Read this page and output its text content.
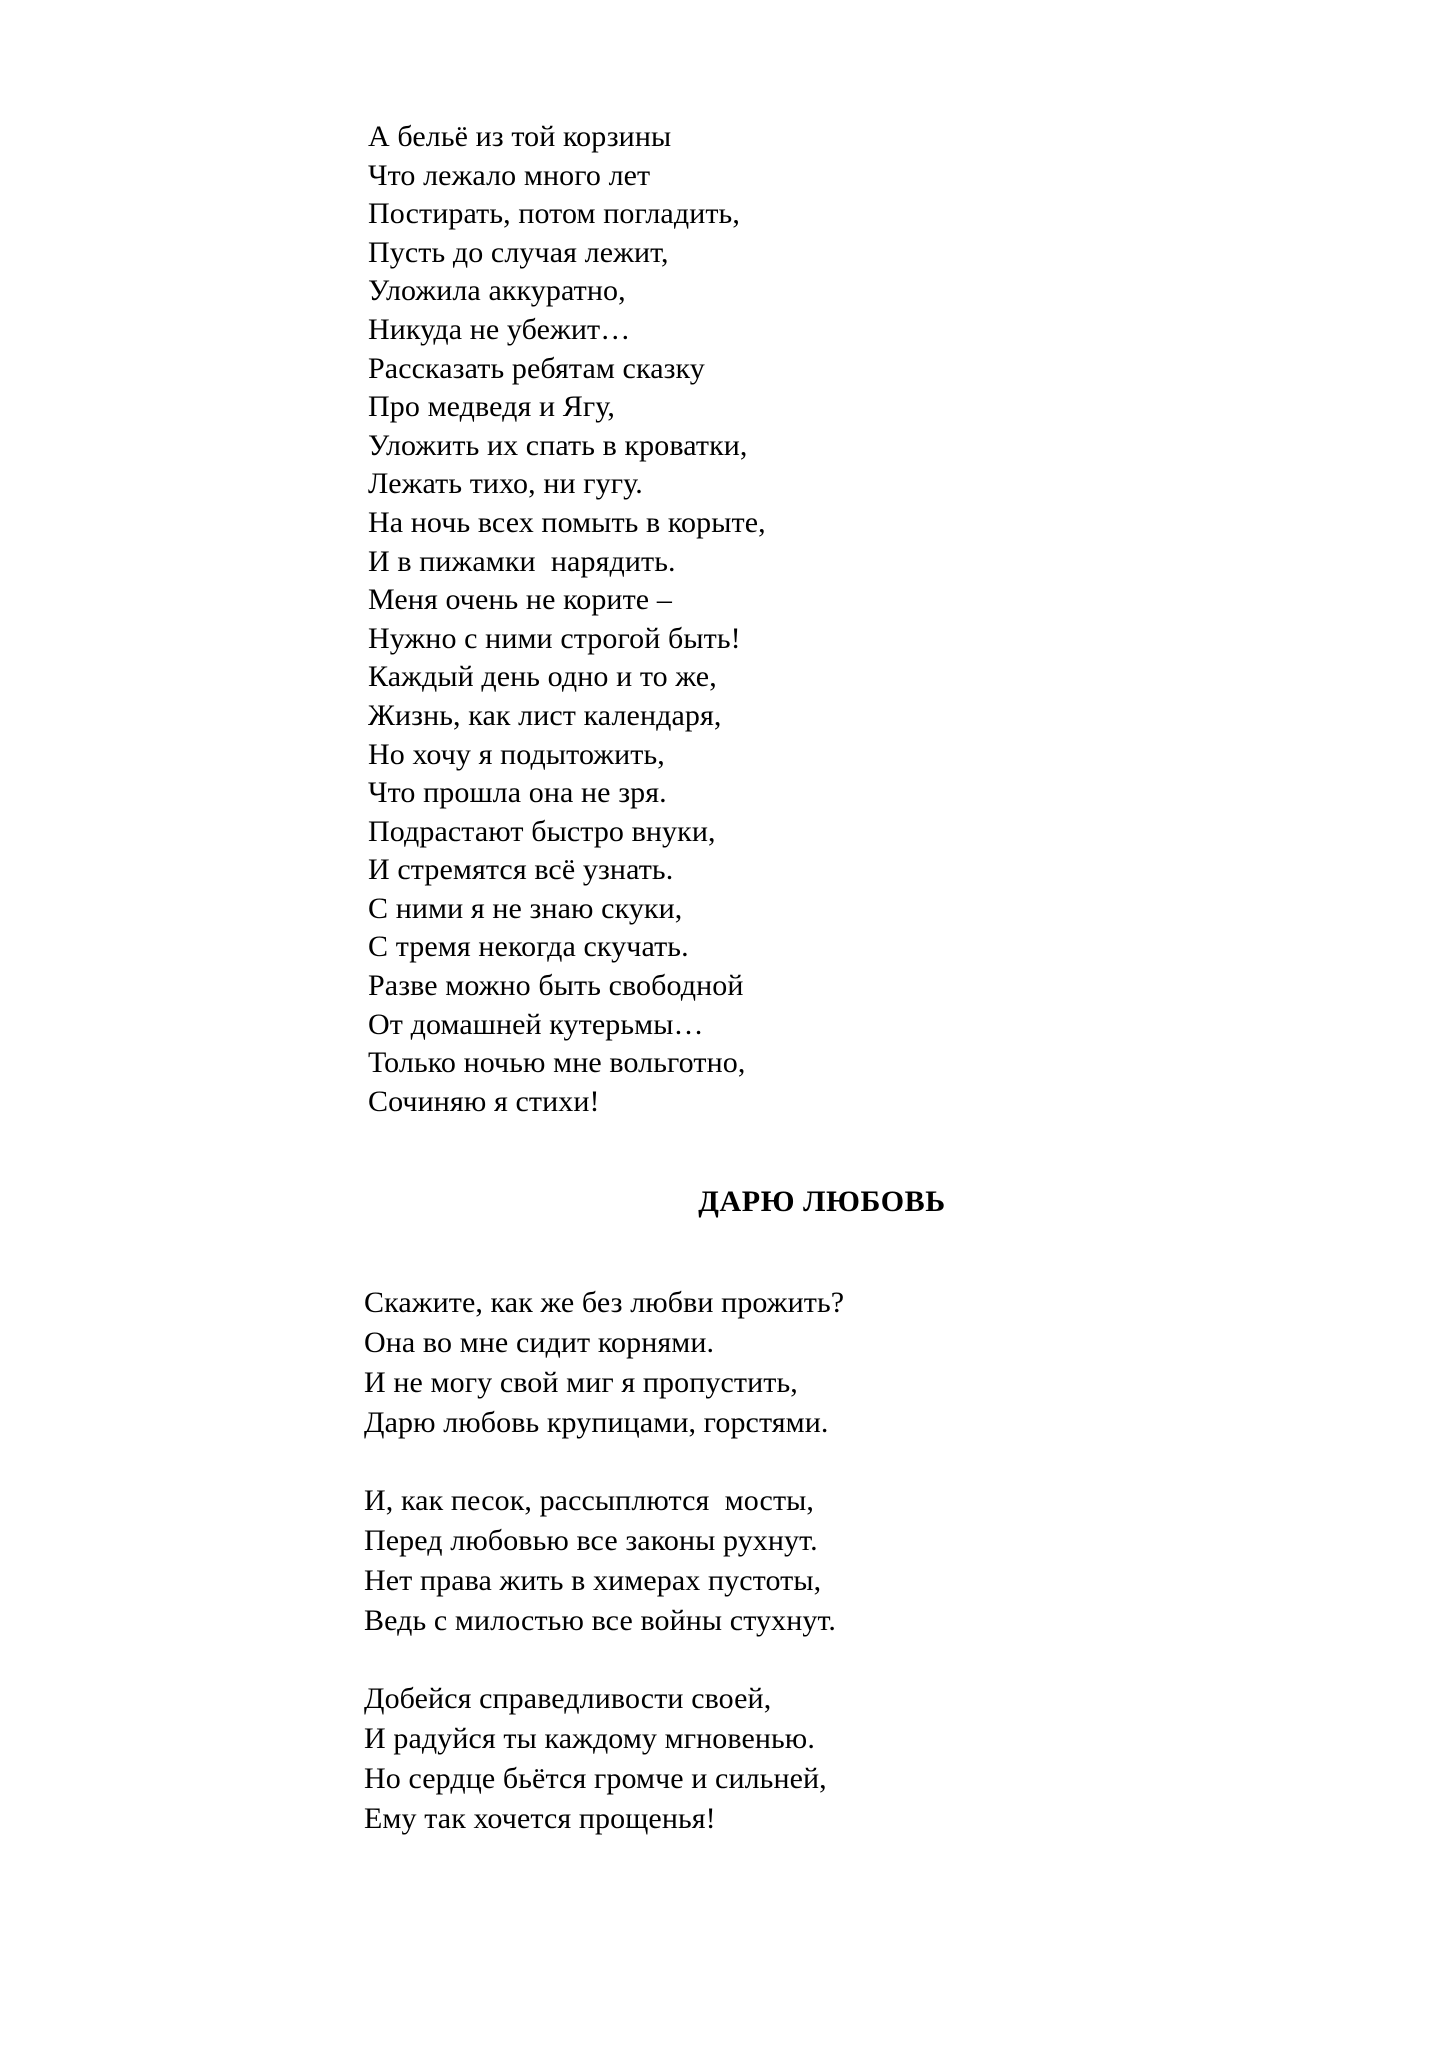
А бельё из той корзины

Что лежало много лет

Постирать, потом погладить,

Пусть до случая лежит,

Уложила аккуратно,

Никуда не убежит…

Рассказать ребятам сказку

Про медведя и Ягу,

Уложить их спать в кроватки,

Лежать тихо, ни гугу.

На ночь всех помыть в корыте,

И в пижамки  нарядить.

Меня очень не корите –

Нужно с ними строгой быть!

Каждый день одно и то же,

Жизнь, как лист календаря,

Но хочу я подытожить,

Что прошла она не зря.

Подрастают быстро внуки,

И стремятся всё узнать.

С ними я не знаю скуки,

С тремя некогда скучать.

Разве можно быть свободной

От домашней кутерьмы…

Только ночью мне вольготно,

Сочиняю я стихи!

ДАРЮ ЛЮБОВЬ

Скажите, как же без любви прожить?

Она во мне сидит корнями.

И не могу свой миг я пропустить,

Дарю любовь крупицами, горстями.

И, как песок, рассыплются  мосты,

Перед любовью все законы рухнут.

Нет права жить в химерах пустоты,

Ведь с милостью все войны стухнут.

Добейся справедливости своей,

И радуйся ты каждому мгновенью.

Но сердце бьётся громче и сильней,

Ему так хочется прощенья!
